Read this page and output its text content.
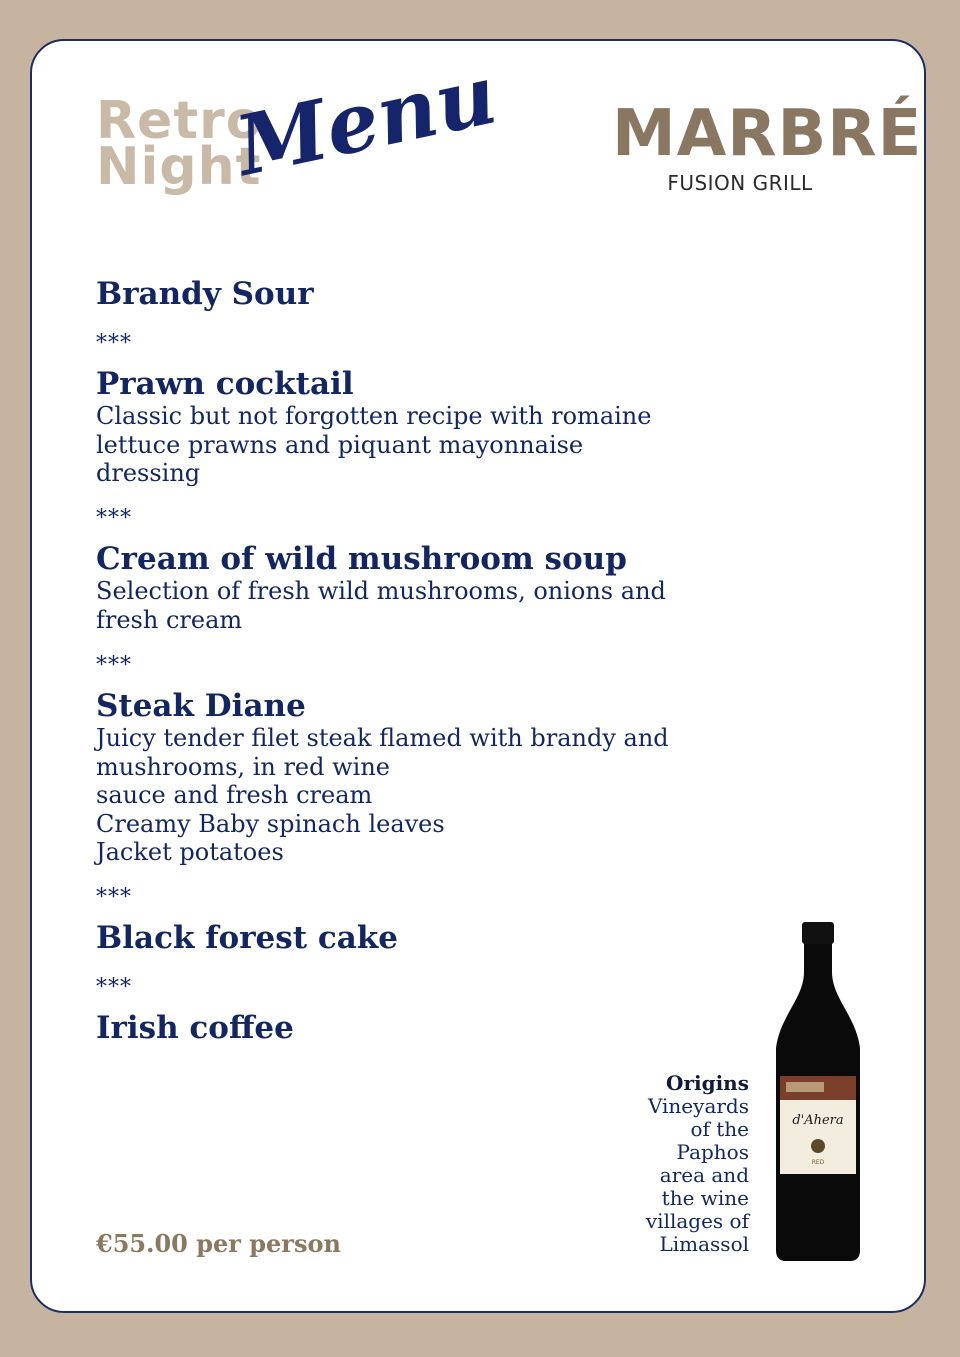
Retro
Night
Menu MARBRÉ
FUSION GRILL
Brandy Sour
***
Prawn cocktail
Classic but not forgotten recipe with romaine
lettuce prawns and piquant mayonnaise
dressing
***
Cream of wild mushroom soup
Selection of fresh wild mushrooms, onions and
fresh cream
***
Steak Diane
Juicy tender filet steak flamed with brandy and
mushrooms, in red wine
sauce and fresh cream
Creamy Baby spinach leaves
Jacket potatoes
***
Black forest cake
***
Irish coffee
€55.00 per person
Origins
Vineyards
of the
Paphos
area and
the wine
villages of
Limassol
d'Ahera
RED
